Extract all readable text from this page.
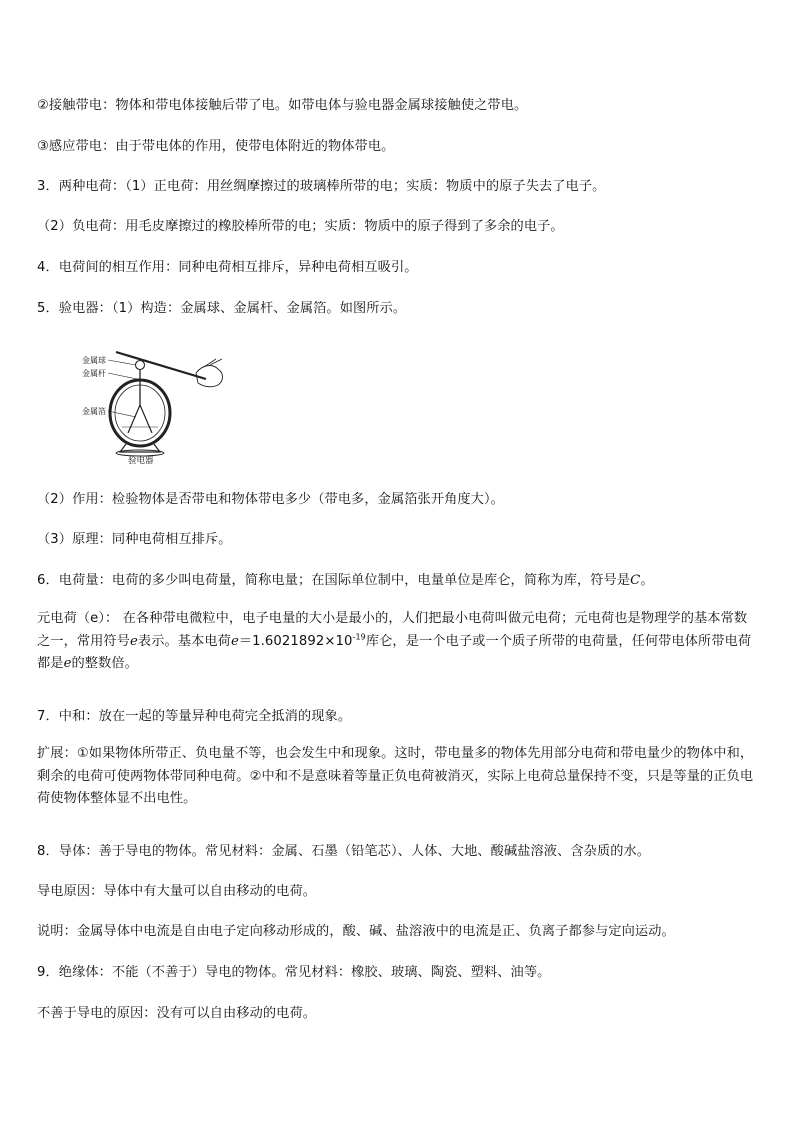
②接触带电：物体和带电体接触后带了电。如带电体与验电器金属球接触使之带电。
③感应带电：由于带电体的作用，使带电体附近的物体带电。
3．两种电荷：（1）正电荷：用丝绸摩擦过的玻璃棒所带的电；实质：物质中的原子失去了电子。
（2）负电荷：用毛皮摩擦过的橡胶棒所带的电；实质：物质中的原子得到了多余的电子。
4．电荷间的相互作用：同种电荷相互排斥，异种电荷相互吸引。
5．验电器：（1）构造：金属球、金属杆、金属箔。如图所示。
金属球
金属杆
金属箔
验电器
（2）作用：检验物体是否带电和物体带电多少（带电多，金属箔张开角度大）。
（3）原理：同种电荷相互排斥。
6．电荷量：电荷的多少叫电荷量，简称电量；在国际单位制中，电量单位是库仑，简称为库，符号是C。
元电荷（e）： 在各种带电微粒中，电子电量的大小是最小的，人们把最小电荷叫做元电荷；元电荷也是物理学的基本常数之一，常用符号e表示。基本电荷$e=1.6021892\times 10^{-19}$库仑，是一个电子或一个质子所带的电荷量，任何带电体所带电荷都是e的整数倍。
7．中和：放在一起的等量异种电荷完全抵消的现象。
扩展：①如果物体所带正、负电量不等，也会发生中和现象。这时，带电量多的物体先用部分电荷和带电量少的物体中和，剩余的电荷可使两物体带同种电荷。②中和不是意味着等量正负电荷被消灭，实际上电荷总量保持不变，只是等量的正负电荷使物体整体显不出电性。
8．导体：善于导电的物体。常见材料：金属、石墨（铅笔芯）、人体、大地、酸碱盐溶液、含杂质的水。
导电原因：导体中有大量可以自由移动的电荷。
说明：金属导体中电流是自由电子定向移动形成的，酸、碱、盐溶液中的电流是正、负离子都参与定向运动。
9．绝缘体：不能（不善于）导电的物体。常见材料：橡胶、玻璃、陶瓷、塑料、油等。
不善于导电的原因：没有可以自由移动的电荷。
